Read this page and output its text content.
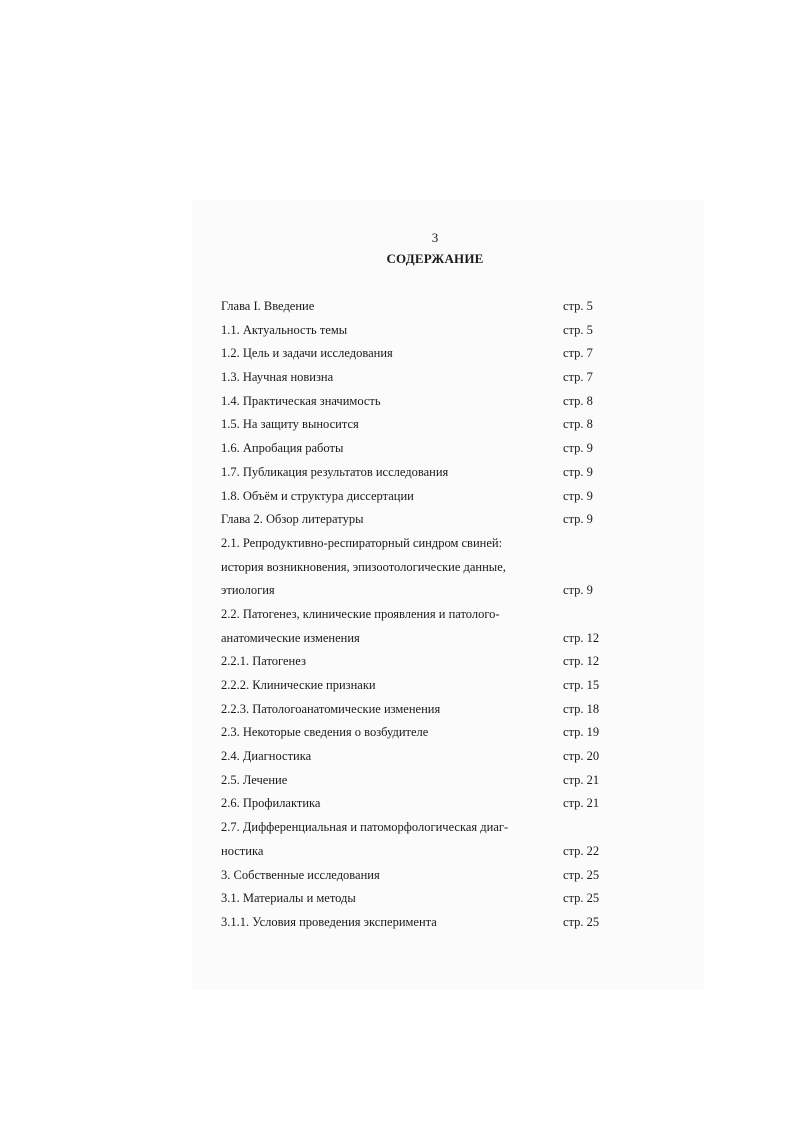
3
СОДЕРЖАНИЕ
Глава I. Введение	стр. 5
1.1. Актуальность темы	стр. 5
1.2. Цель и задачи исследования	стр. 7
1.3. Научная новизна	стр. 7
1.4. Практическая значимость	стр. 8
1.5. На защиту выносится	стр. 8
1.6. Апробация работы	стр. 9
1.7. Публикация результатов исследования	стр. 9
1.8. Объём и структура диссертации	стр. 9
Глава 2. Обзор литературы	стр. 9
2.1. Репродуктивно-респираторный синдром свиней:
история возникновения, эпизоотологические данные,
этиология	стр. 9
2.2. Патогенез, клинические проявления и патолого-
анатомические изменения	стр. 12
2.2.1. Патогенез	стр. 12
2.2.2. Клинические признаки	стр. 15
2.2.3. Патологоанатомические изменения	стр. 18
2.3. Некоторые сведения о возбудителе	стр. 19
2.4. Диагностика	стр. 20
2.5. Лечение	стр. 21
2.6. Профилактика	стр. 21
2.7. Дифференциальная и патоморфологическая диаг-
ностика	стр. 22
3. Собственные исследования	стр. 25
3.1. Материалы и методы	стр. 25
3.1.1. Условия проведения эксперимента	стр. 25
